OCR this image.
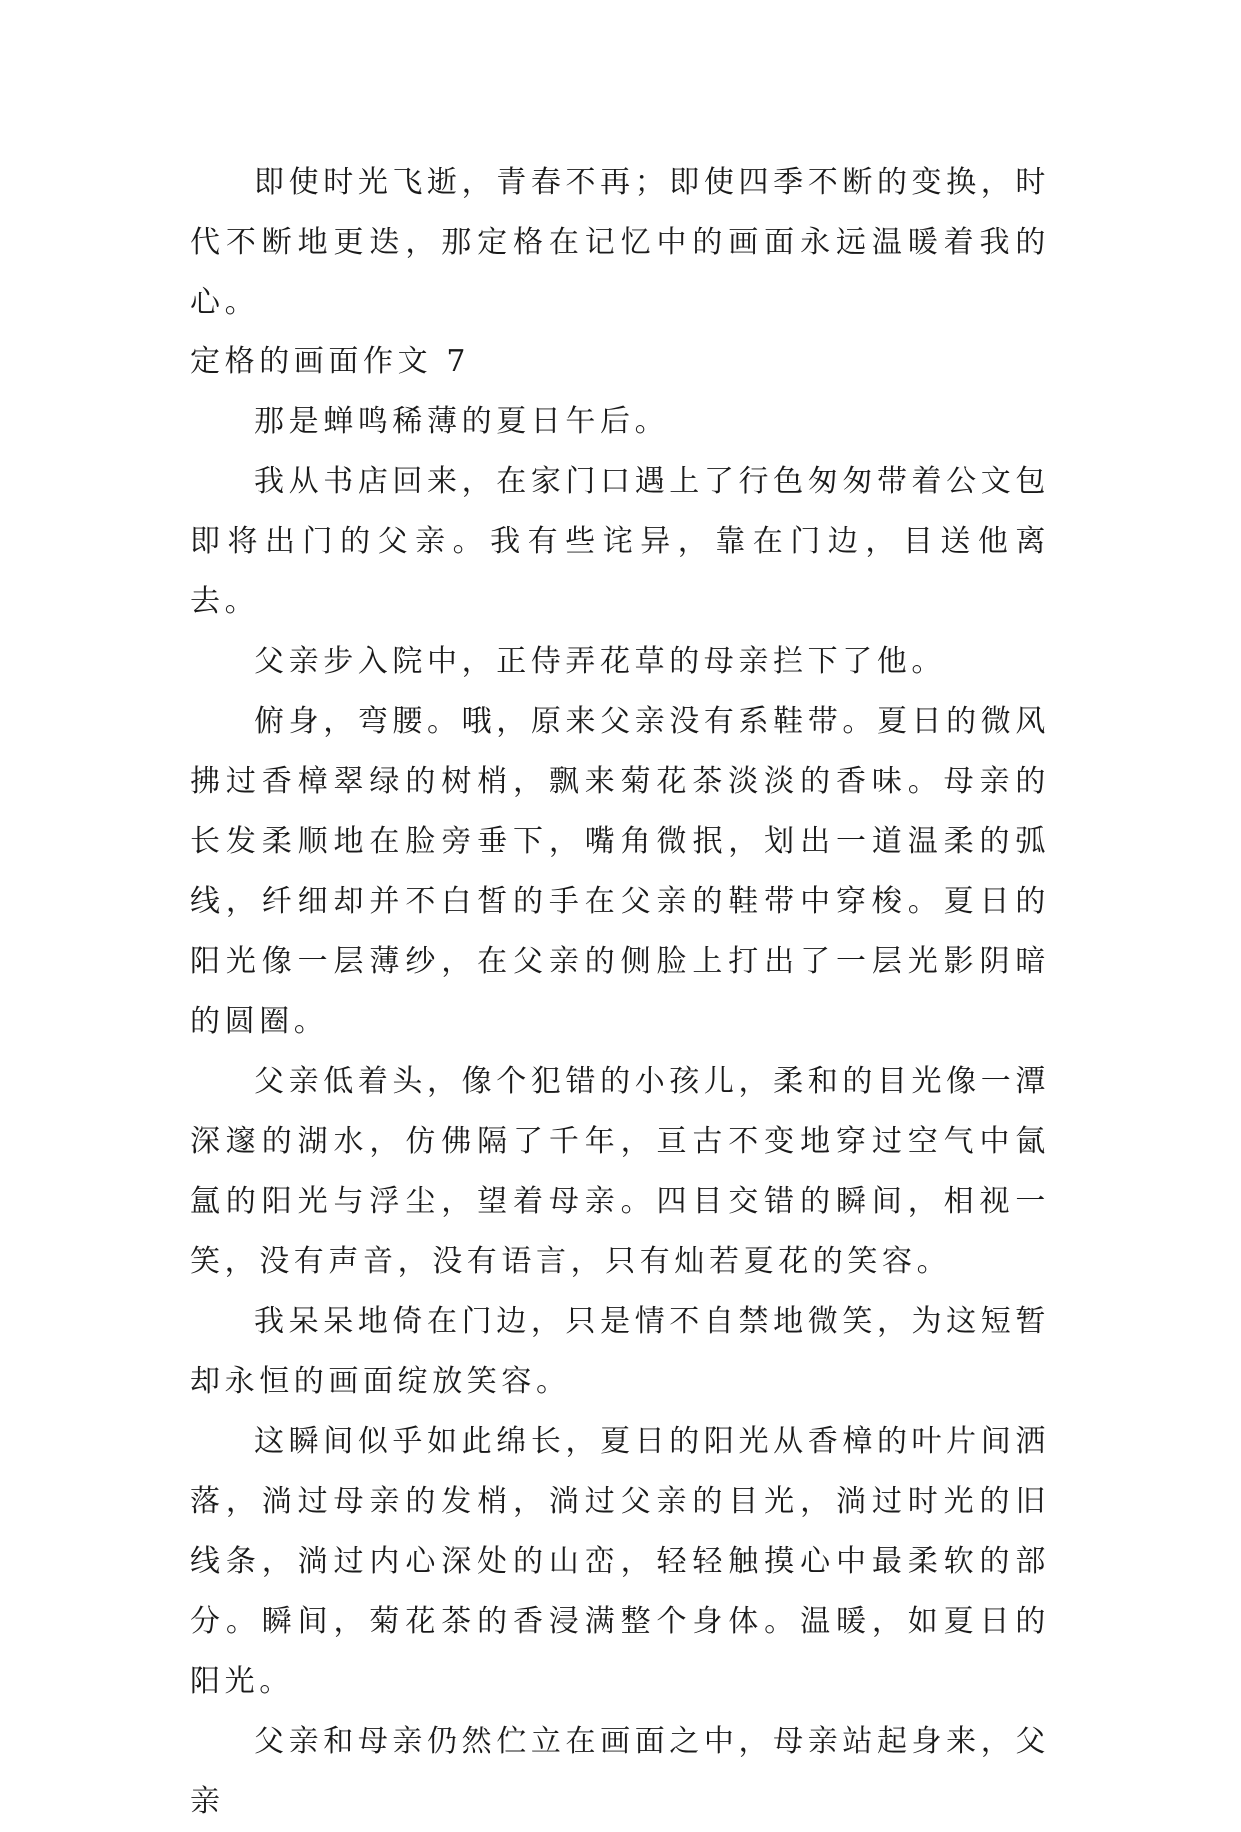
即使时光飞逝，青春不再；即使四季不断的变换，时代不断地更迭，那定格在记忆中的画面永远温暖着我的心。

定格的画面作文 7

那是蝉鸣稀薄的夏日午后。

我从书店回来，在家门口遇上了行色匆匆带着公文包即将出门的父亲。我有些诧异，靠在门边，目送他离去。

父亲步入院中，正侍弄花草的母亲拦下了他。

俯身，弯腰。哦，原来父亲没有系鞋带。夏日的微风拂过香樟翠绿的树梢，飘来菊花茶淡淡的香味。母亲的长发柔顺地在脸旁垂下，嘴角微抿，划出一道温柔的弧线，纤细却并不白皙的手在父亲的鞋带中穿梭。夏日的阳光像一层薄纱，在父亲的侧脸上打出了一层光影阴暗的圆圈。

父亲低着头，像个犯错的小孩儿，柔和的目光像一潭深邃的湖水，仿佛隔了千年，亘古不变地穿过空气中氤氲的阳光与浮尘，望着母亲。四目交错的瞬间，相视一笑，没有声音，没有语言，只有灿若夏花的笑容。

我呆呆地倚在门边，只是情不自禁地微笑，为这短暂却永恒的画面绽放笑容。

这瞬间似乎如此绵长，夏日的阳光从香樟的叶片间洒落，淌过母亲的发梢，淌过父亲的目光，淌过时光的旧线条，淌过内心深处的山峦，轻轻触摸心中最柔软的部分。瞬间，菊花茶的香浸满整个身体。温暖，如夏日的阳光。

父亲和母亲仍然伫立在画面之中，母亲站起身来，父亲
